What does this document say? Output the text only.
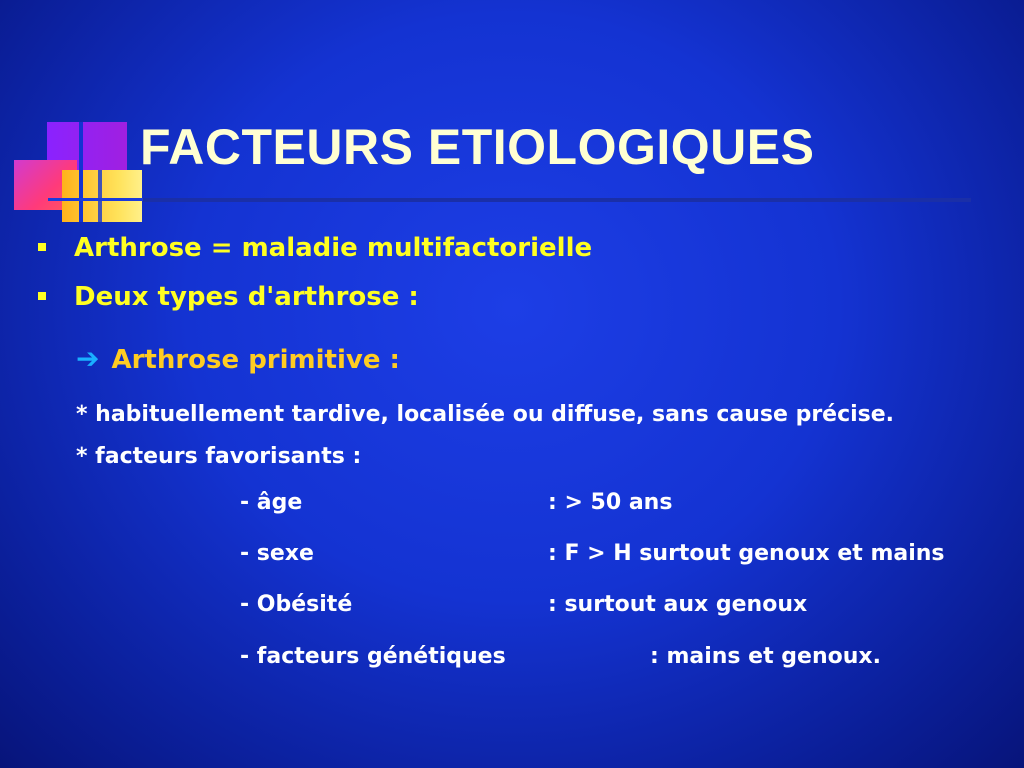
FACTEURS ETIOLOGIQUES
Arthrose = maladie multifactorielle
Deux types d'arthrose :
➔ Arthrose primitive :
* habituellement tardive, localisée ou diffuse, sans cause précise.
* facteurs favorisants :
- âge	: > 50 ans
- sexe	: F > H surtout genoux et mains
- Obésité	: surtout aux genoux
- facteurs génétiques	: mains et genoux.
